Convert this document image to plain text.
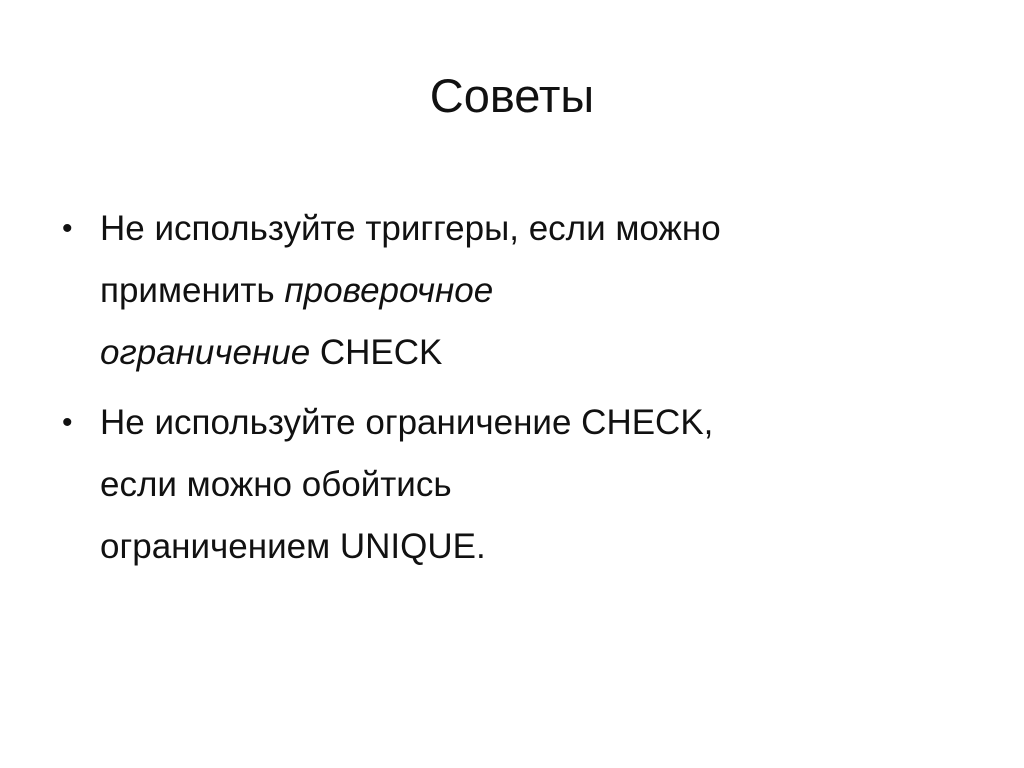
Советы
• Не используйте триггеры, если можно
применить проверочное
ограничение CHECK
• Не используйте ограничение CHECK,
если можно обойтись
ограничением UNIQUE.
